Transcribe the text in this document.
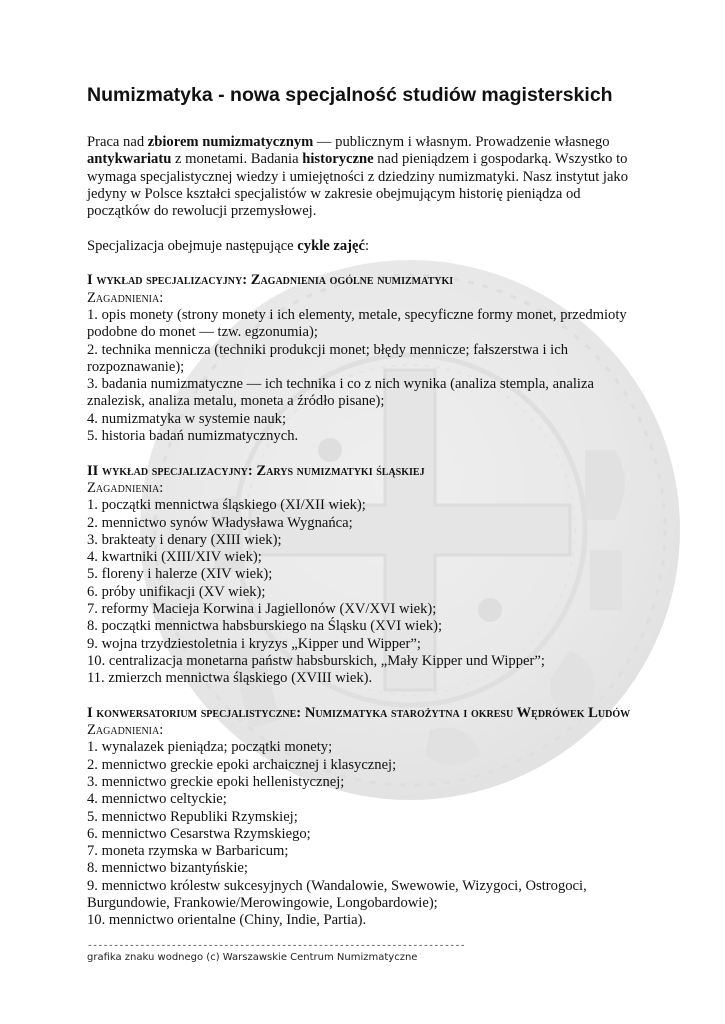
Numizmatyka - nowa specjalność studiów magisterskich

Praca nad zbiorem numizmatycznym — publicznym i własnym. Prowadzenie własnego antykwariatu z monetami. Badania historyczne nad pieniądzem i gospodarką. Wszystko to wymaga specjalistycznej wiedzy i umiejętności z dziedziny numizmatyki. Nasz instytut jako jedyny w Polsce kształci specjalistów w zakresie obejmującym historię pieniądza od początków do rewolucji przemysłowej.

Specjalizacja obejmuje następujące cykle zajęć:

I wykład specjalizacyjny: Zagadnienia ogólne numizmatyki

Zagadnienia:

1. opis monety (strony monety i ich elementy, metale, specyficzne formy monet, przedmioty podobne do monet — tzw. egzonumia);

2. technika mennicza (techniki produkcji monet; błędy mennicze; fałszerstwa i ich rozpoznawanie);

3. badania numizmatyczne — ich technika i co z nich wynika (analiza stempla, analiza znalezisk, analiza metalu, moneta a źródło pisane);

4. numizmatyka w systemie nauk;

5. historia badań numizmatycznych.

II wykład specjalizacyjny: Zarys numizmatyki śląskiej

Zagadnienia:

1. początki mennictwa śląskiego (XI/XII wiek);

2. mennictwo synów Władysława Wygnańca;

3. brakteaty i denary (XIII wiek);

4. kwartniki (XIII/XIV wiek);

5. floreny i halerze (XIV wiek);

6. próby unifikacji (XV wiek);

7. reformy Macieja Korwina i Jagiellonów (XV/XVI wiek);

8. początki mennictwa habsburskiego na Śląsku (XVI wiek);

9. wojna trzydziestoletnia i kryzys „Kipper und Wipper”;

10. centralizacja monetarna państw habsburskich, „Mały Kipper und Wipper”;

11. zmierzch mennictwa śląskiego (XVIII wiek).

I konwersatorium specjalistyczne: Numizmatyka starożytna i okresu Wędrówek Ludów

Zagadnienia:

1. wynalazek pieniądza; początki monety;

2. mennictwo greckie epoki archaicznej i klasycznej;

3. mennictwo greckie epoki hellenistycznej;

4. mennictwo celtyckie;

5. mennictwo Republiki Rzymskiej;

6. mennictwo Cesarstwa Rzymskiego;

7. moneta rzymska w Barbaricum;

8. mennictwo bizantyńskie;

9. mennictwo królestw sukcesyjnych (Wandalowie, Swewowie, Wizygoci, Ostrogoci, Burgundowie, Frankowie/Merowingowie, Longobardowie);

10. mennictwo orientalne (Chiny, Indie, Partia).

------------------------------------------------------------------------
grafika znaku wodnego (c) Warszawskie Centrum Numizmatyczne
